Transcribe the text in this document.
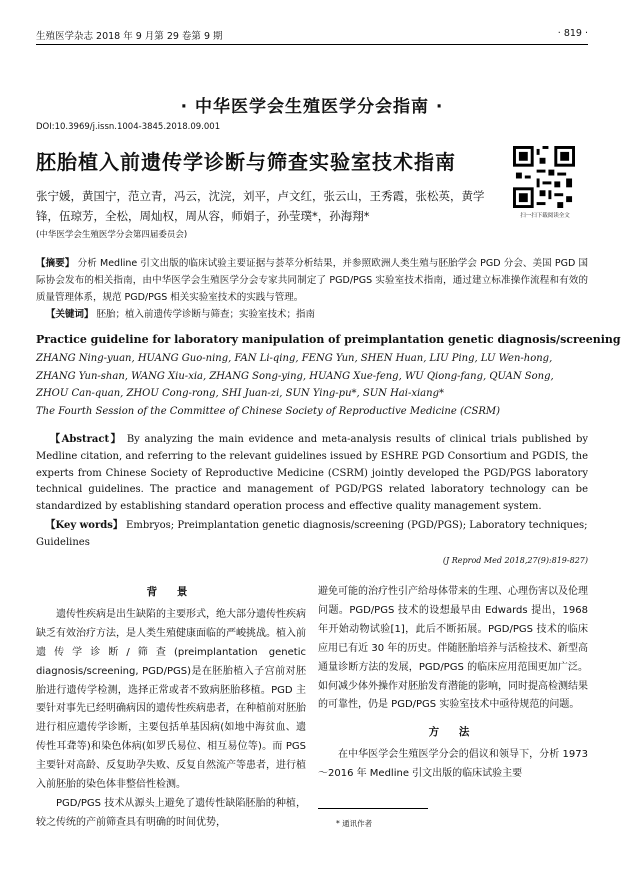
生殖医学杂志 2018 年 9 月第 29 卷第 9 期	· 819 ·
· 中华医学会生殖医学分会指南 ·
DOI:10.3969/j.issn.1004-3845.2018.09.001
胚胎植入前遗传学诊断与筛查实验室技术指南
扫一扫下载阅读全文
张宁媛，黄国宁，范立青，冯云，沈浣，刘平，卢文红，张云山，王秀霞，张松英，黄学锋，伍琼芳，全松，周灿权，周从容，师娟子，孙莹璞*，孙海翔*
(中华医学会生殖医学分会第四届委员会)
【摘要】 分析 Medline 引文出版的临床试验主要证据与荟萃分析结果，并参照欧洲人类生殖与胚胎学会 PGD 分会、美国 PGD 国际协会发布的相关指南，由中华医学会生殖医学分会专家共同制定了 PGD/PGS 实验室技术指南，通过建立标准操作流程和有效的质量管理体系，规范 PGD/PGS 相关实验室技术的实践与管理。
【关键词】 胚胎；植入前遗传学诊断与筛查；实验室技术；指南
Practice guideline for laboratory manipulation of preimplantation genetic diagnosis/screening
ZHANG Ning-yuan, HUANG Guo-ning, FAN Li-qing, FENG Yun, SHEN Huan, LIU Ping, LU Wen-hong, ZHANG Yun-shan, WANG Xiu-xia, ZHANG Song-ying, HUANG Xue-feng, WU Qiong-fang, QUAN Song, ZHOU Can-quan, ZHOU Cong-rong, SHI Juan-zi, SUN Ying-pu*, SUN Hai-xiang*
The Fourth Session of the Committee of Chinese Society of Reproductive Medicine (CSRM)
【Abstract】 By analyzing the main evidence and meta-analysis results of clinical trials published by Medline citation, and referring to the relevant guidelines issued by ESHRE PGD Consortium and PGDIS, the experts from Chinese Society of Reproductive Medicine (CSRM) jointly developed the PGD/PGS laboratory technical guidelines. The practice and management of PGD/PGS related laboratory technology can be standardized by establishing standard operation process and effective quality management system.
【Key words】 Embryos; Preimplantation genetic diagnosis/screening (PGD/PGS); Laboratory techniques; Guidelines
(J Reprod Med 2018,27(9):819-827)
背 景

遗传性疾病是出生缺陷的主要形式，绝大部分遗传性疾病缺乏有效治疗方法，是人类生殖健康面临的严峻挑战。植入前遗传学诊断/筛查(preimplantation genetic diagnosis/screening, PGD/PGS)是在胚胎植入子宫前对胚胎进行遗传学检测，选择正常或者不致病胚胎移植。PGD 主要针对事先已经明确病因的遗传性疾病患者，在种植前对胚胎进行相应遗传学诊断，主要包括单基因病(如地中海贫血、遗传性耳聋等)和染色体病(如罗氏易位、相互易位等)。而 PGS 主要针对高龄、反复助孕失败、反复自然流产等患者，进行植入前胚胎的染色体非整倍性检测。

PGD/PGS 技术从源头上避免了遗传性缺陷胚胎的种植，较之传统的产前筛查具有明确的时间优势，

避免可能的治疗性引产给母体带来的生理、心理伤害以及伦理问题。PGD/PGS 技术的设想最早由 Edwards 提出，1968 年开始动物试验[1]，此后不断拓展。PGD/PGS 技术的临床应用已有近 30 年的历史。伴随胚胎培养与活检技术、新型高通量诊断方法的发展，PGD/PGS 的临床应用范围更加广泛。如何减少体外操作对胚胎发育潜能的影响，同时提高检测结果的可靠性，仍是 PGD/PGS 实验室技术中亟待规范的问题。

方 法

在中华医学会生殖医学分会的倡议和领导下，分析 1973～2016 年 Medline 引文出版的临床试验主要

* 通讯作者
